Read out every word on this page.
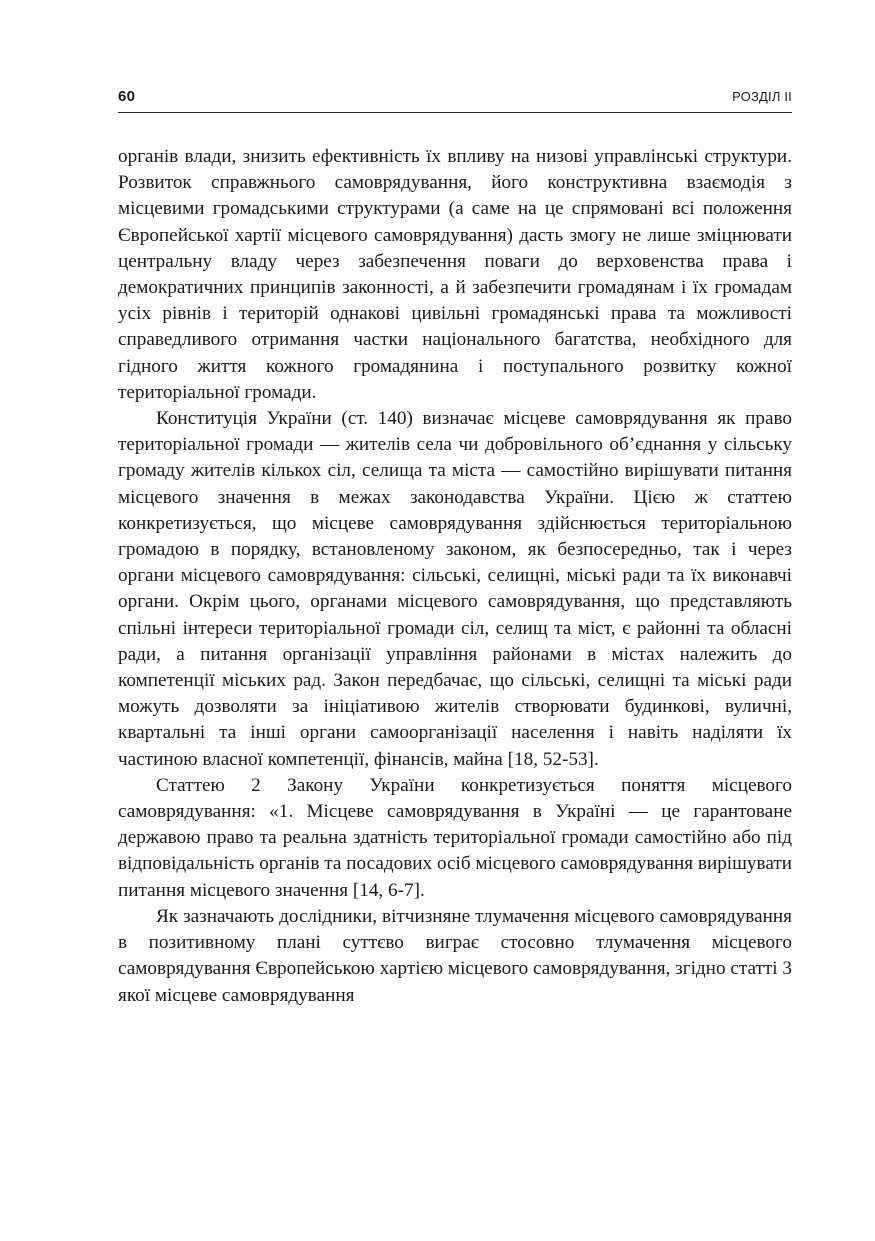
60	РОЗДІЛ II

органів влади, знизить ефективність їх впливу на низові управлінські структури. Розвиток справжнього самоврядування, його конструктивна взаємодія з місцевими громадськими структурами (а саме на це спрямовані всі положення Європейської хартії місцевого самоврядування) дасть змогу не лише зміцнювати центральну владу через забезпечення поваги до верховенства права і демократичних принципів законності, а й забезпечити громадянам і їх громадам усіх рівнів і територій однакові цивільні громадянські права та можливості справедливого отримання частки національного багатства, необхідного для гідного життя кожного громадянина і поступального розвитку кожної територіальної громади.

Конституція України (ст. 140) визначає місцеве самоврядування як право територіальної громади — жителів села чи добровільного об’єднання у сільську громаду жителів кількох сіл, селища та міста — самостійно вирішувати питання місцевого значення в межах законодавства України. Цією ж статтею конкретизується, що місцеве самоврядування здійснюється територіальною громадою в порядку, встановленому законом, як безпосередньо, так і через органи місцевого самоврядування: сільські, селищні, міські ради та їх виконавчі органи. Окрім цього, органами місцевого самоврядування, що представляють спільні інтереси територіальної громади сіл, селищ та міст, є районні та обласні ради, а питання організації управління районами в містах належить до компетенції міських рад. Закон передбачає, що сільські, селищні та міські ради можуть дозволяти за ініціативою жителів створювати будинкові, вуличні, квартальні та інші органи самоорганізації населення і навіть наділяти їх частиною власної компетенції, фінансів, майна [18, 52-53].

Статтею 2 Закону України конкретизується поняття місцевого самоврядування: «1. Місцеве самоврядування в Україні — це гарантоване державою право та реальна здатність територіальної громади самостійно або під відповідальність органів та посадових осіб місцевого самоврядування вирішувати питання місцевого значення [14, 6-7].

Як зазначають дослідники, вітчизняне тлумачення місцевого самоврядування в позитивному плані суттєво виграє стосовно тлумачення місцевого самоврядування Європейською хартією місцевого самоврядування, згідно статті 3 якої місцеве самоврядування
